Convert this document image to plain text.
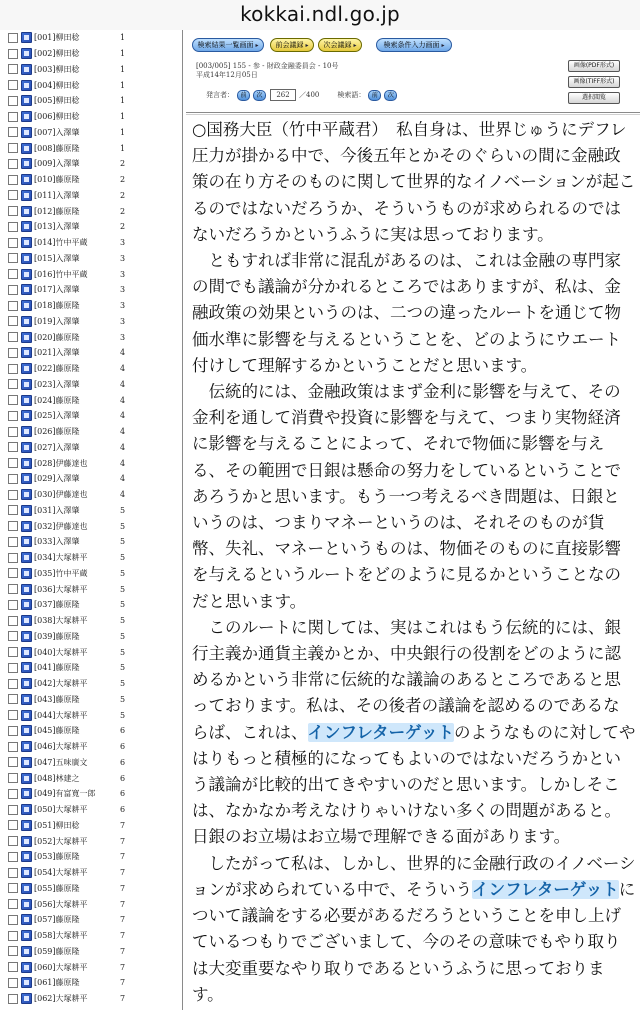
kokkai.ndl.go.jp
[001]柳田稔	1
[002]柳田稔	1
[003]柳田稔	1
[004]柳田稔	1
[005]柳田稔	1
[006]柳田稔	1
[007]入澤肇	1
[008]藤原隆	1
[009]入澤肇	2
[010]藤原隆	2
[011]入澤肇	2
[012]藤原隆	2
[013]入澤肇	2
[014]竹中平蔵	3
[015]入澤肇	3
[016]竹中平蔵	3
[017]入澤肇	3
[018]藤原隆	3
[019]入澤肇	3
[020]藤原隆	3
[021]入澤肇	4
[022]藤原隆	4
[023]入澤肇	4
[024]藤原隆	4
[025]入澤肇	4
[026]藤原隆	4
[027]入澤肇	4
[028]伊藤達也	4
[029]入澤肇	4
[030]伊藤達也	4
[031]入澤肇	5
[032]伊藤達也	5
[033]入澤肇	5
[034]大塚耕平	5
[035]竹中平蔵	5
[036]大塚耕平	5
[037]藤原隆	5
[038]大塚耕平	5
[039]藤原隆	5
[040]大塚耕平	5
[041]藤原隆	5
[042]大塚耕平	5
[043]藤原隆	5
[044]大塚耕平	5
[045]藤原隆	6
[046]大塚耕平	6
[047]五味廣文	6
[048]林建之	6
[049]有富寛一郎	6
[050]大塚耕平	6
[051]柳田稔	7
[052]大塚耕平	7
[053]藤原隆	7
[054]大塚耕平	7
[055]藤原隆	7
[056]大塚耕平	7
[057]藤原隆	7
[058]大塚耕平	7
[059]藤原隆	7
[060]大塚耕平	7
[061]藤原隆	7
[062]大塚耕平	7
検索結果一覧画面 ▸	前会議録 ▸	次会議録 ▸	検索条件入力画面 ▸
[003/005] 155 - 参 - 財政金融委員会 - 10号
平成14年12月05日
発言者：	前	次	262	／400	検索語：	前	次
画像(PDF形式)
画像(TIFF形式)
選択閲覧

○国務大臣（竹中平蔵君）　私自身は、世界じゅうにデフレ圧力が掛かる中で、今後五年とかそのぐらいの間に金融政策の在り方そのものに関して世界的なイノベーションが起こるのではないだろうか、そういうものが求められるのではないだろうかというふうに実は思っております。

ともすれば非常に混乱があるのは、これは金融の専門家の間でも議論が分かれるところではありますが、私は、金融政策の効果というのは、二つの違ったルートを通じて物価水準に影響を与えるということを、どのようにウエート付けして理解するかということだと思います。

伝統的には、金融政策はまず金利に影響を与えて、その金利を通して消費や投資に影響を与えて、つまり実物経済に影響を与えることによって、それで物価に影響を与える、その範囲で日銀は懸命の努力をしているということであろうかと思います。もう一つ考えるべき問題は、日銀というのは、つまりマネーというのは、それそのものが貨幣、失礼、マネーというものは、物価そのものに直接影響を与えるというルートをどのように見るかということなのだと思います。

このルートに関しては、実はこれはもう伝統的には、銀行主義か通貨主義かとか、中央銀行の役割をどのように認めるかという非常に伝統的な議論のあるところであると思っております。私は、その後者の議論を認めるのであるならば、これは、インフレターゲットのようなものに対してやはりもっと積極的になってもよいのではないだろうかという議論が比較的出てきやすいのだと思います。しかしそこは、なかなか考えなけりゃいけない多くの問題があると。日銀のお立場はお立場で理解できる面があります。

したがって私は、しかし、世界的に金融行政のイノベーションが求められている中で、そういうインフレターゲットについて議論をする必要があるだろうということを申し上げているつもりでございまして、今のその意味でもやり取りは大変重要なやり取りであるというふうに思っております。
